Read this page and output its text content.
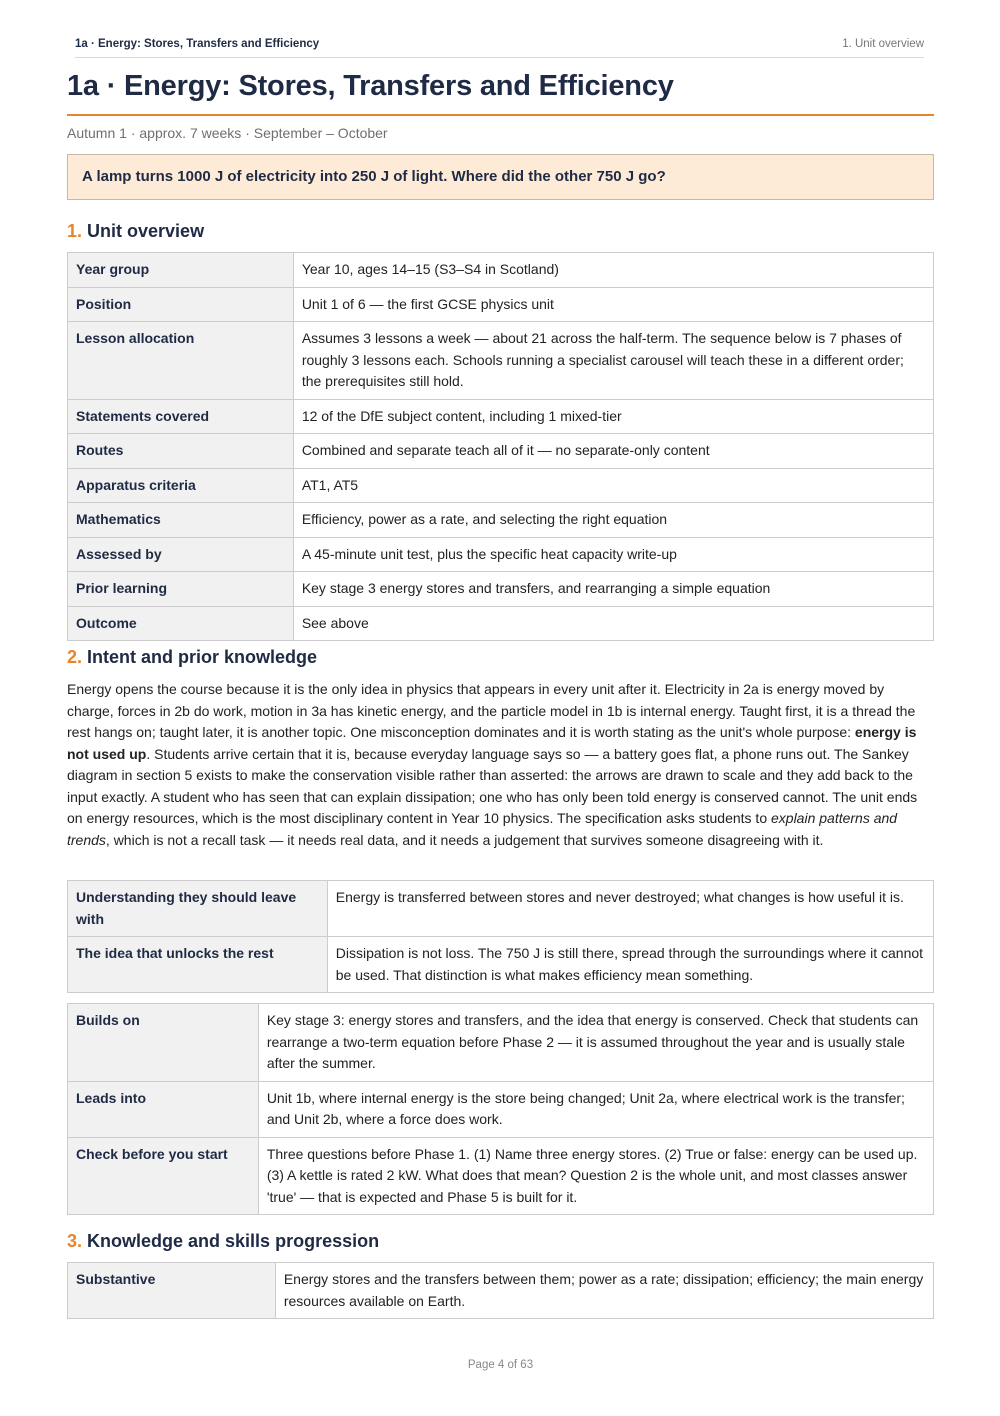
1a · Energy: Stores, Transfers and Efficiency	1. Unit overview
1a · Energy: Stores, Transfers and Efficiency
Autumn 1 · approx. 7 weeks · September – October
A lamp turns 1000 J of electricity into 250 J of light. Where did the other 750 J go?
1. Unit overview
Year group	Year 10, ages 14–15 (S3–S4 in Scotland)
Position	Unit 1 of 6 — the first GCSE physics unit
Lesson allocation	Assumes 3 lessons a week — about 21 across the half-term. The sequence below is 7 phases of roughly 3 lessons each. Schools running a specialist carousel will teach these in a different order; the prerequisites still hold.
Statements covered	12 of the DfE subject content, including 1 mixed-tier
Routes	Combined and separate teach all of it — no separate-only content
Apparatus criteria	AT1, AT5
Mathematics	Efficiency, power as a rate, and selecting the right equation
Assessed by	A 45-minute unit test, plus the specific heat capacity write-up
Prior learning	Key stage 3 energy stores and transfers, and rearranging a simple equation
Outcome	See above
2. Intent and prior knowledge

Energy opens the course because it is the only idea in physics that appears in every unit after it. Electricity in 2a is energy moved by charge, forces in 2b do work, motion in 3a has kinetic energy, and the particle model in 1b is internal energy. Taught first, it is a thread the rest hangs on; taught later, it is another topic. One misconception dominates and it is worth stating as the unit's whole purpose: energy is not used up. Students arrive certain that it is, because everyday language says so — a battery goes flat, a phone runs out. The Sankey diagram in section 5 exists to make the conservation visible rather than asserted: the arrows are drawn to scale and they add back to the input exactly. A student who has seen that can explain dissipation; one who has only been told energy is conserved cannot. The unit ends on energy resources, which is the most disciplinary content in Year 10 physics. The specification asks students to explain patterns and trends, which is not a recall task — it needs real data, and it needs a judgement that survives someone disagreeing with it.

Understanding they should leave with	Energy is transferred between stores and never destroyed; what changes is how useful it is.
The idea that unlocks the rest	Dissipation is not loss. The 750 J is still there, spread through the surroundings where it cannot be used. That distinction is what makes efficiency mean something.
Builds on	Key stage 3: energy stores and transfers, and the idea that energy is conserved. Check that students can rearrange a two-term equation before Phase 2 — it is assumed throughout the year and is usually stale after the summer.
Leads into	Unit 1b, where internal energy is the store being changed; Unit 2a, where electrical work is the transfer; and Unit 2b, where a force does work.
Check before you start	Three questions before Phase 1. (1) Name three energy stores. (2) True or false: energy can be used up. (3) A kettle is rated 2 kW. What does that mean? Question 2 is the whole unit, and most classes answer 'true' — that is expected and Phase 5 is built for it.
3. Knowledge and skills progression
Substantive	Energy stores and the transfers between them; power as a rate; dissipation; efficiency; the main energy resources available on Earth.
Page 4 of 63
